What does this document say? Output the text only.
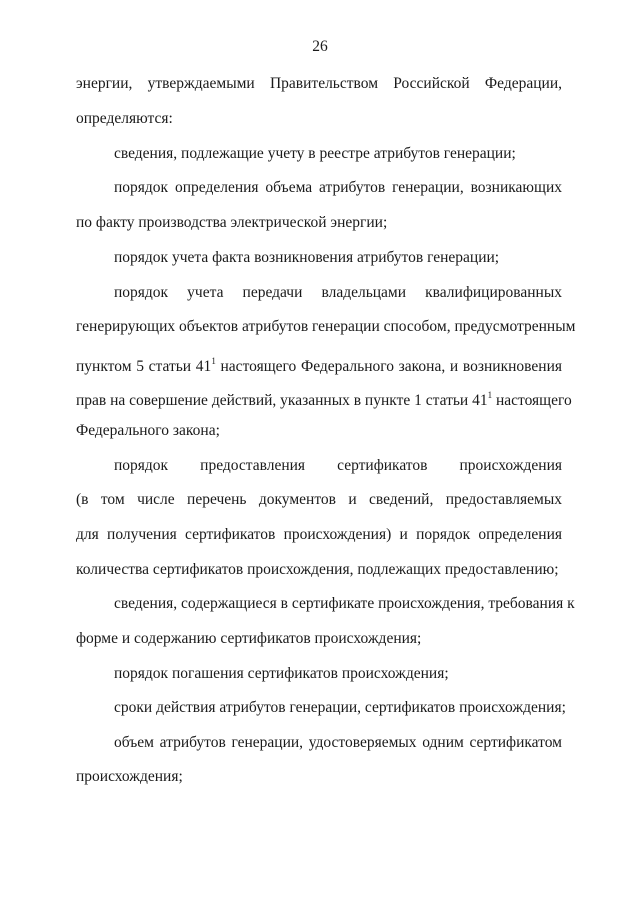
26
энергии, утверждаемыми Правительством Российской Федерации,
определяются:
сведения, подлежащие учету в реестре атрибутов генерации;
порядок определения объема атрибутов генерации, возникающих
по факту производства электрической энергии;
порядок учета факта возникновения атрибутов генерации;
порядок учета передачи владельцами квалифицированных
генерирующих объектов атрибутов генерации способом, предусмотренным
пунктом 5 статьи $41^1$ настоящего Федерального закона, и возникновения
прав на совершение действий, указанных в пункте 1 статьи $41^1$ настоящего
Федерального закона;
порядок предоставления сертификатов происхождения
(в том числе перечень документов и сведений, предоставляемых
для получения сертификатов происхождения) и порядок определения
количества сертификатов происхождения, подлежащих предоставлению;
сведения, содержащиеся в сертификате происхождения, требования к
форме и содержанию сертификатов происхождения;
порядок погашения сертификатов происхождения;
сроки действия атрибутов генерации, сертификатов происхождения;
объем атрибутов генерации, удостоверяемых одним сертификатом
происхождения;
